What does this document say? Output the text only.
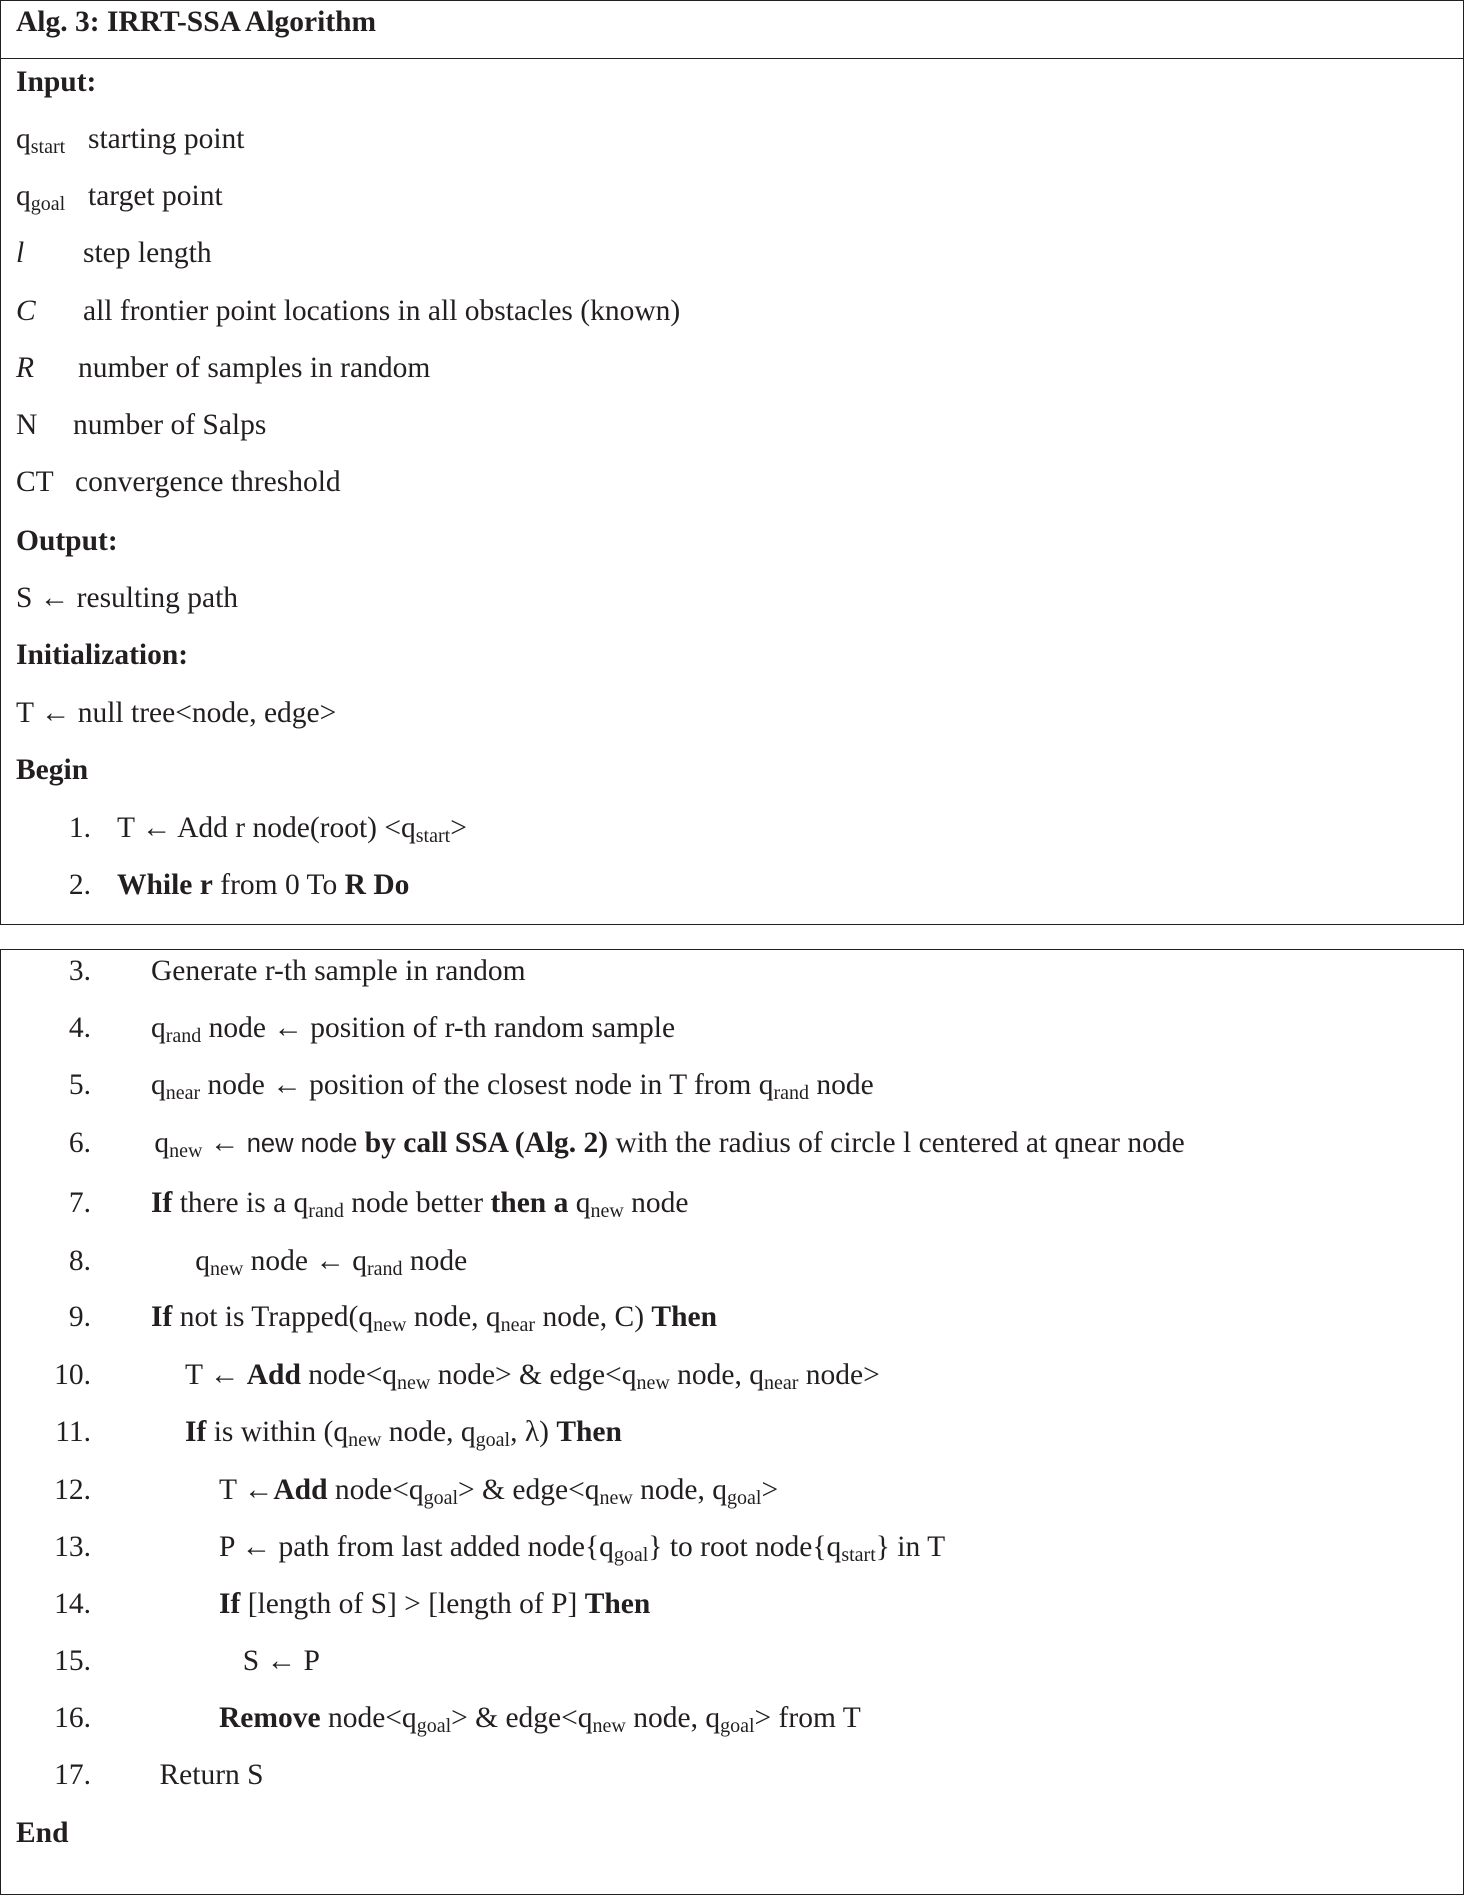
Alg. 3: IRRT-SSA Algorithm
Input:
$q_{start}$ starting point
$q_{goal}$ target point
l step length
C all frontier point locations in all obstacles (known)
R number of samples in random
N number of Salps
CT convergence threshold
Output:
S ← resulting path
Initialization:
T ← null tree<node, edge>
Begin
1. T ← Add r node(root) $<q_{start}>$
2. While r from 0 To R Do
3. Generate r-th sample in random
4. $q_{rand}$ node ← position of r-th random sample
5. $q_{near}$ node ← position of the closest node in T from $q_{rand}$ node
6. $q_{new}$ ← new node by call SSA (Alg. 2) with the radius of circle l centered at qnear node
7. If there is a $q_{rand}$ node better then a $q_{new}$ node
8.	$q_{new}$ node ← $q_{rand}$ node
9. If not is $Trapped(q_{new}$ node, $q_{near}$ node, C) Then
10.	T ← Add $node<q_{new}$ node> & $edge<q_{new}$ node, $q_{near}$ node>
11.	If is within ($q_{new}$ node, $q_{goal}$, λ) Then
12.	T ←Add $node<q_{goal}>$ & $edge<q_{new}$ node, $q_{goal}>$
13.	P ← path from last added $node\{q_{goal}\}$ to root $node\{q_{start}\}$ in T
14.	If [length of S] > [length of P] Then
15.	S ← P
16.	Remove $node<q_{goal}>$ & $edge<q_{new}$ node, $q_{goal}>$ from T
17. Return S
End
